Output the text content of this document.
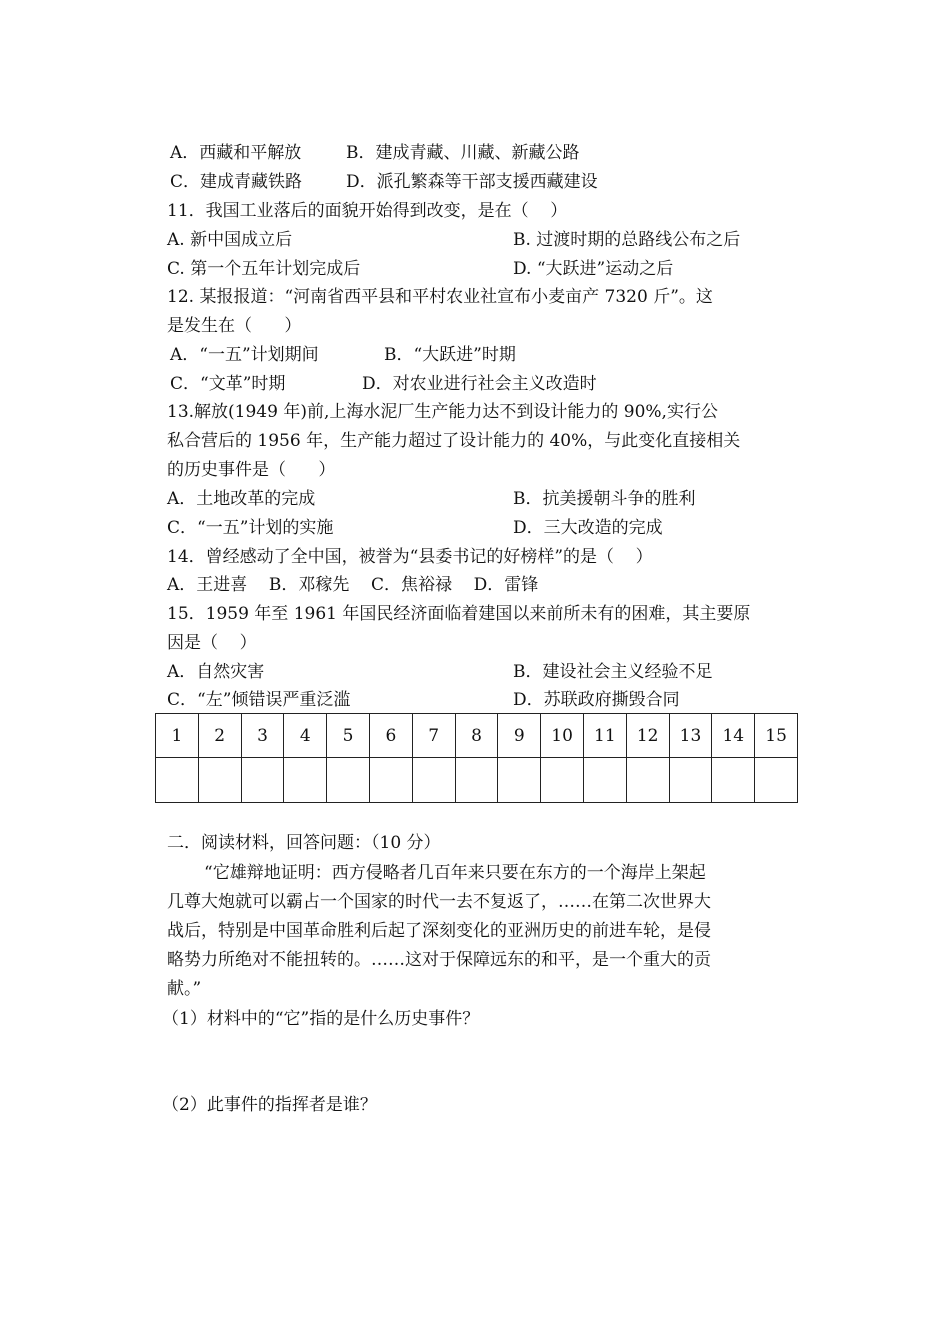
A．西藏和平解放	B．建成青藏、川藏、新藏公路
C．建成青藏铁路	D．派孔繁森等干部支援西藏建设
11．我国工业落后的面貌开始得到改变，是在（    ）
A. 新中国成立后	B. 过渡时期的总路线公布之后
C. 第一个五年计划完成后	D. “大跃进”运动之后
12. 某报报道：“河南省西平县和平村农业社宣布小麦亩产 7320 斤”。这
是发生在（      ）
A．“一五”计划期间	B．“大跃进”时期
C．“文革”时期	D．对农业进行社会主义改造时
13.解放(1949 年)前,上海水泥厂生产能力达不到设计能力的 90%,实行公
私合营后的 1956 年，生产能力超过了设计能力的 40%，与此变化直接相关
的历史事件是（      ）
A．土地改革的完成	B．抗美援朝斗争的胜利
C．“一五”计划的实施	D．三大改造的完成
14．曾经感动了全中国，被誉为“县委书记的好榜样”的是（    ）
A．王进喜    B．邓稼先    C．焦裕禄    D．雷锋
15．1959 年至 1961 年国民经济面临着建国以来前所未有的困难，其主要原
因是（    ）
A．自然灾害	B．建设社会主义经验不足
C．“左”倾错误严重泛滥	D．苏联政府撕毁合同
1	2	3	4	5	6	7	8	9	10	11	12	13	14	15

二．阅读材料，回答问题：（10 分）
“它雄辩地证明：西方侵略者几百年来只要在东方的一个海岸上架起
几尊大炮就可以霸占一个国家的时代一去不复返了，……在第二次世界大
战后，特别是中国革命胜利后起了深刻变化的亚洲历史的前进车轮，是侵
略势力所绝对不能扭转的。……这对于保障远东的和平，是一个重大的贡
献。”
（1）材料中的“它”指的是什么历史事件？
（2）此事件的指挥者是谁？
